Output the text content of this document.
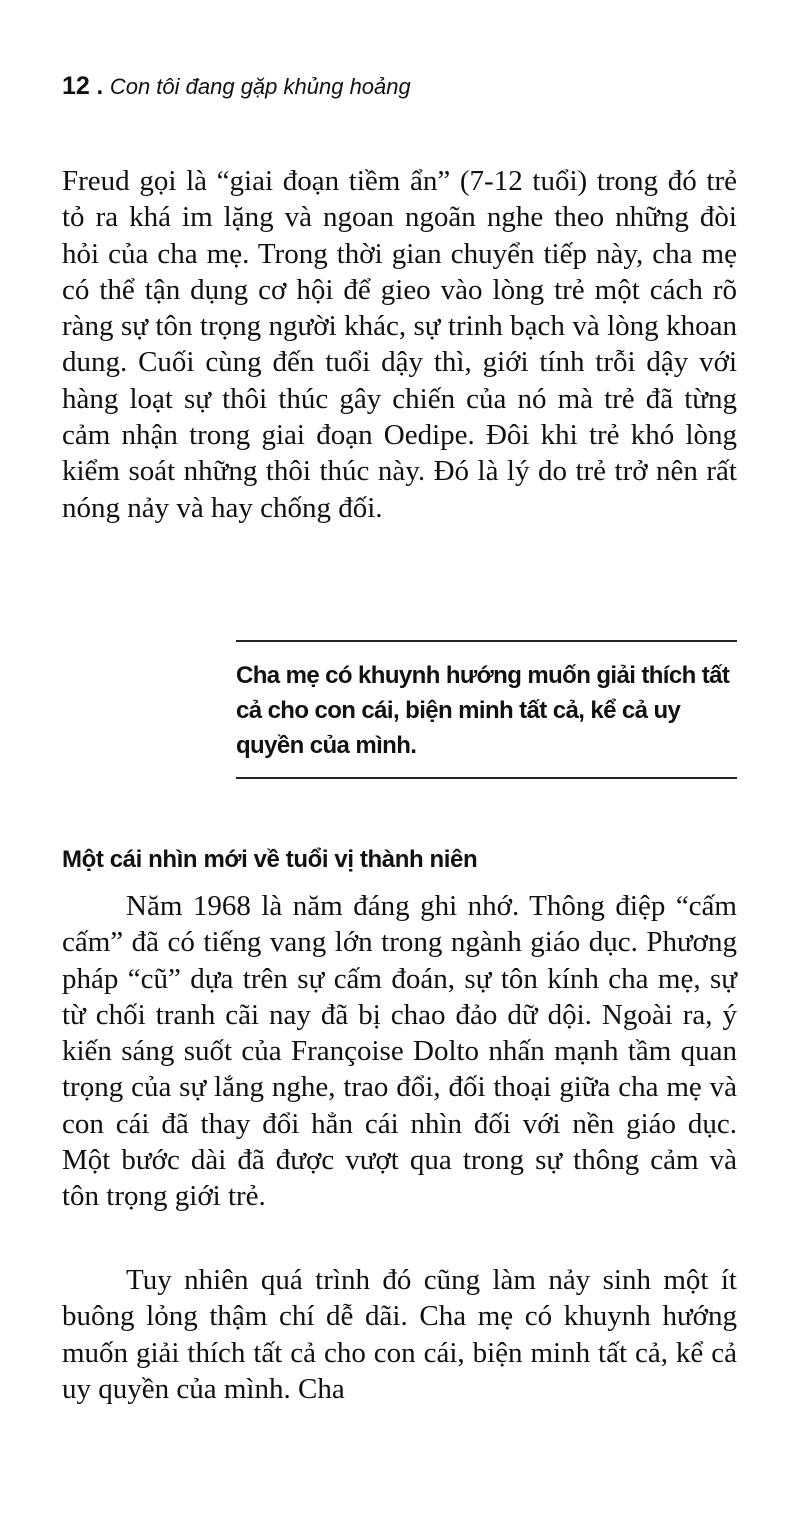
12 . Con tôi đang gặp khủng hoảng

Freud gọi là “giai đoạn tiềm ẩn” (7-12 tuổi) trong đó trẻ tỏ ra khá im lặng và ngoan ngoãn nghe theo những đòi hỏi của cha mẹ. Trong thời gian chuyển tiếp này, cha mẹ có thể tận dụng cơ hội để gieo vào lòng trẻ một cách rõ ràng sự tôn trọng người khác, sự trinh bạch và lòng khoan dung. Cuối cùng đến tuổi dậy thì, giới tính trỗi dậy với hàng loạt sự thôi thúc gây chiến của nó mà trẻ đã từng cảm nhận trong giai đoạn Oedipe. Đôi khi trẻ khó lòng kiểm soát những thôi thúc này. Đó là lý do trẻ trở nên rất nóng nảy và hay chống đối.

Cha mẹ có khuynh hướng muốn giải thích tất cả cho con cái, biện minh tất cả, kể cả uy quyền của mình.

Một cái nhìn mới về tuổi vị thành niên

Năm 1968 là năm đáng ghi nhớ. Thông điệp “cấm cấm” đã có tiếng vang lớn trong ngành giáo dục. Phương pháp “cũ” dựa trên sự cấm đoán, sự tôn kính cha mẹ, sự từ chối tranh cãi nay đã bị chao đảo dữ dội. Ngoài ra, ý kiến sáng suốt của Françoise Dolto nhấn mạnh tầm quan trọng của sự lắng nghe, trao đổi, đối thoại giữa cha mẹ và con cái đã thay đổi hẳn cái nhìn đối với nền giáo dục. Một bước dài đã được vượt qua trong sự thông cảm và tôn trọng giới trẻ.

Tuy nhiên quá trình đó cũng làm nảy sinh một ít buông lỏng thậm chí dễ dãi. Cha mẹ có khuynh hướng muốn giải thích tất cả cho con cái, biện minh tất cả, kể cả uy quyền của mình. Cha
